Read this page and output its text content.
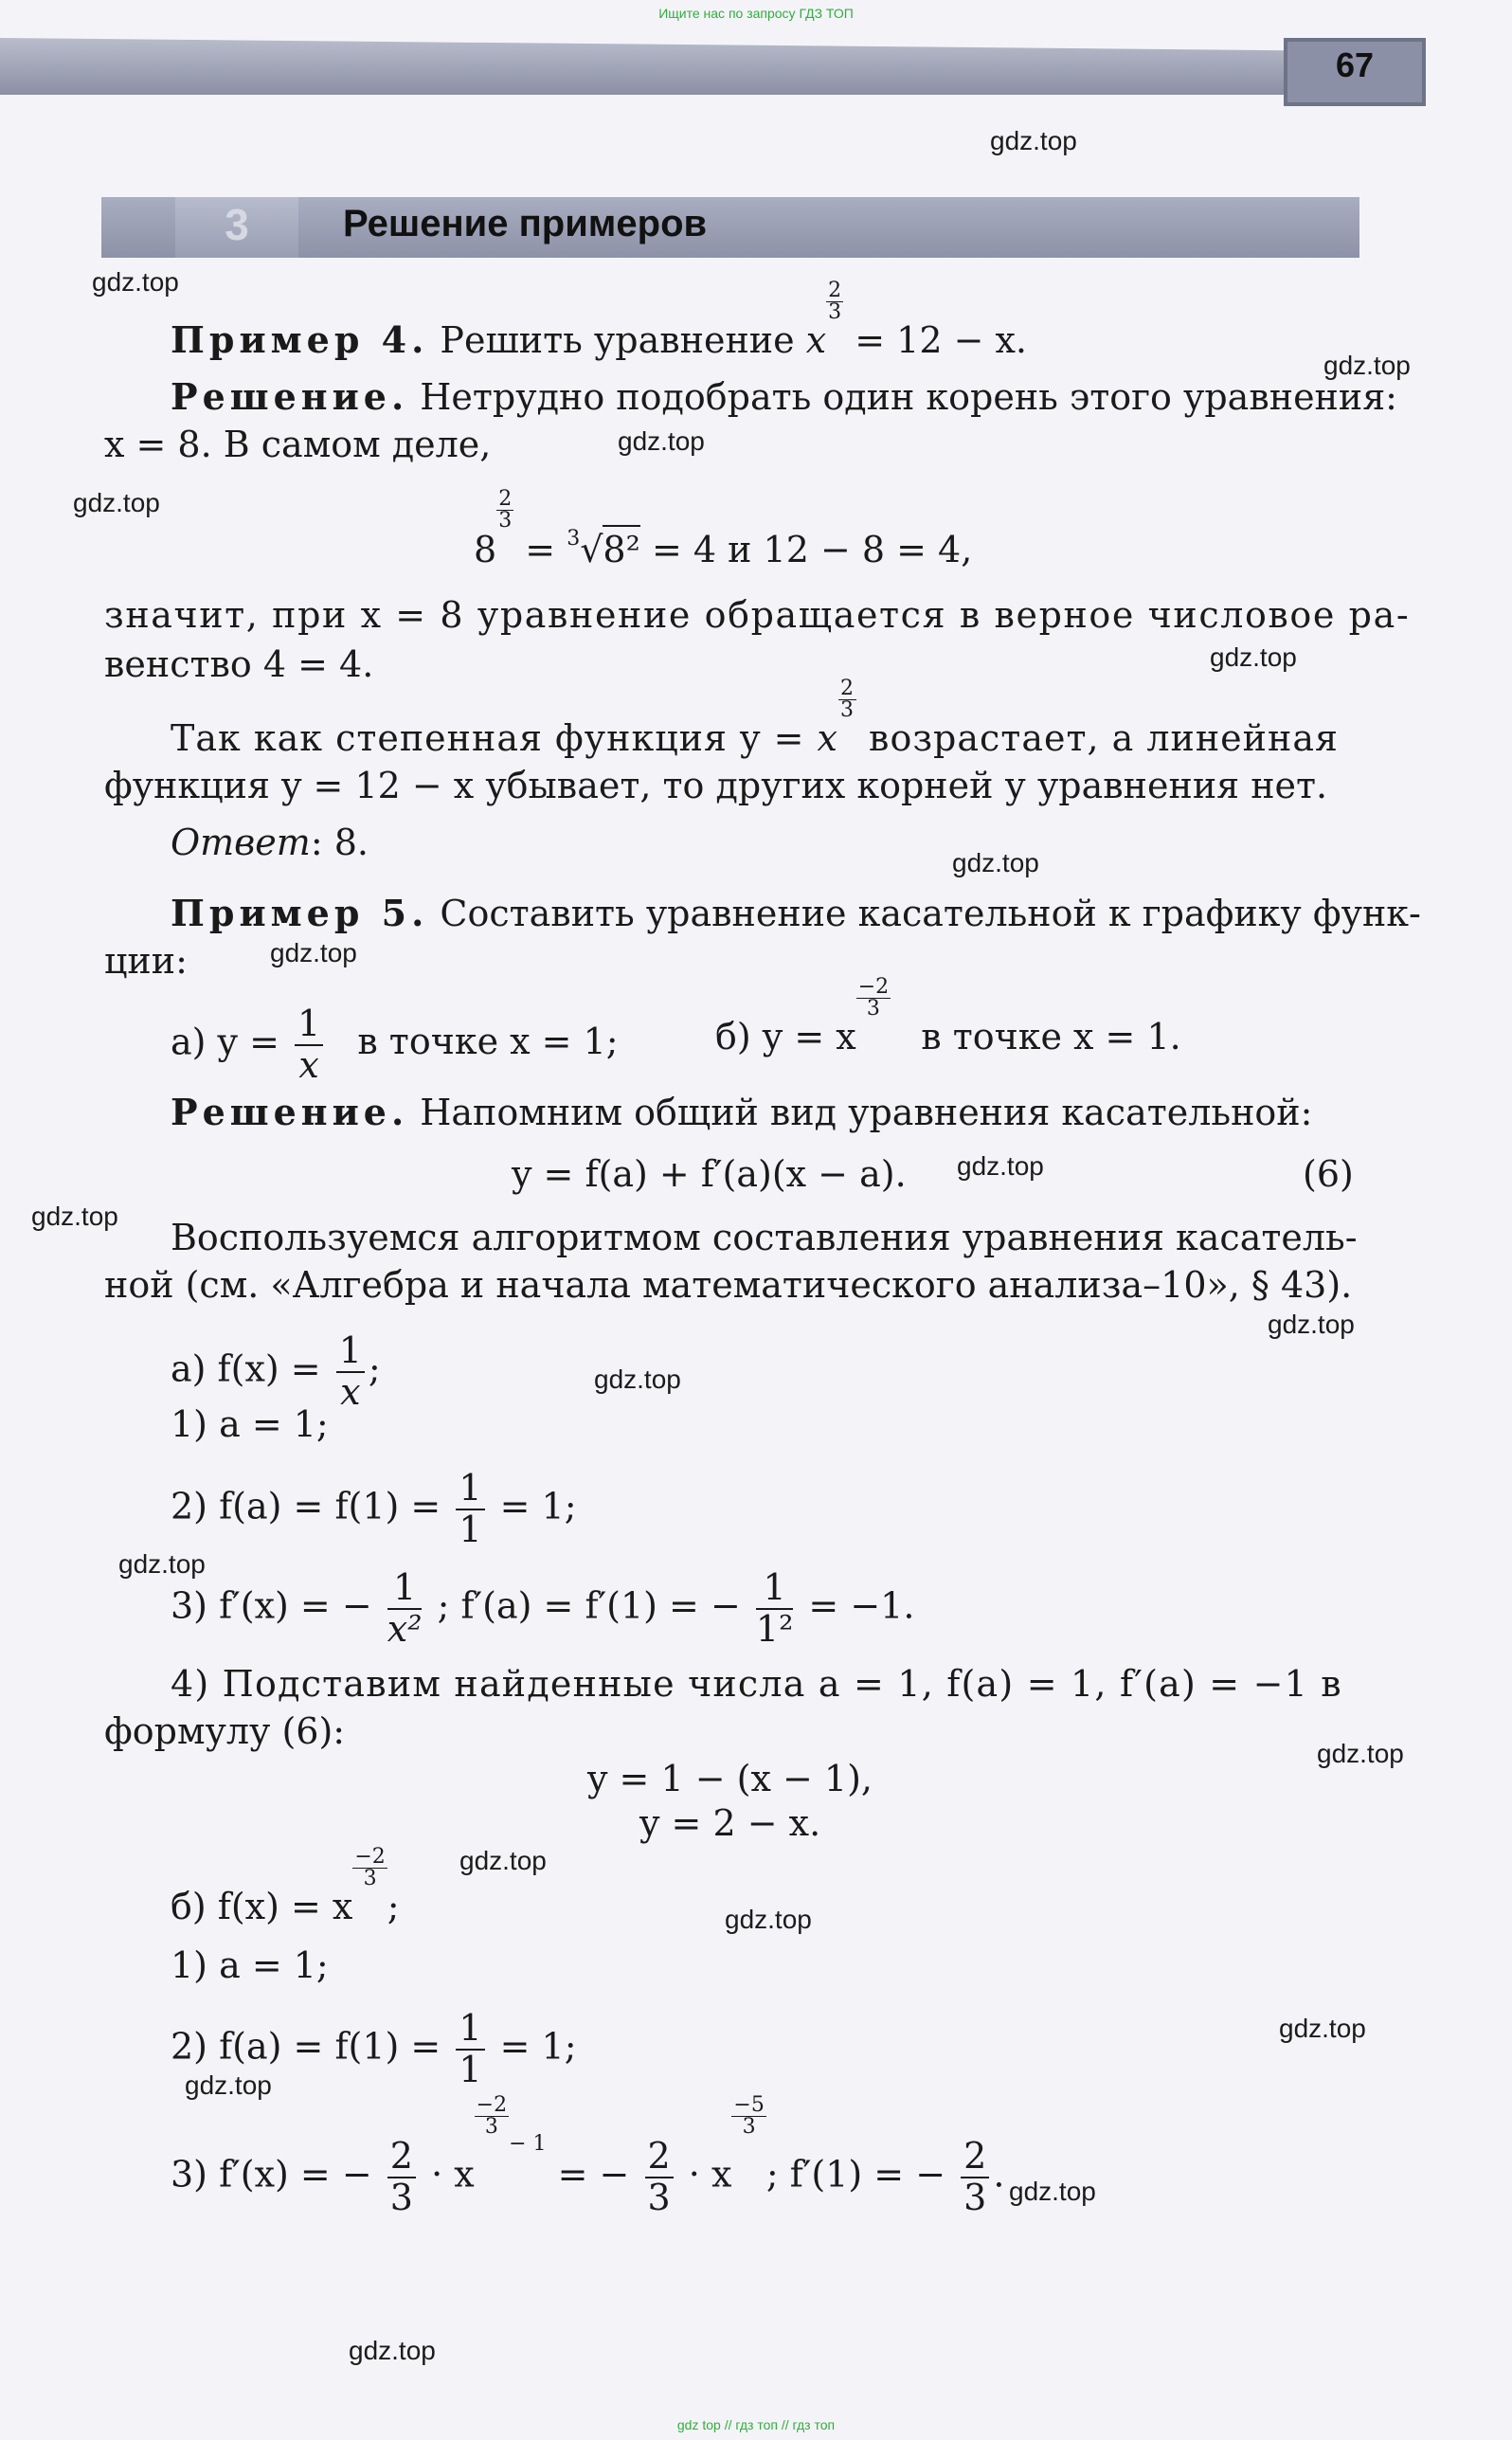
Ищите нас по запросу ГДЗ ТОП
67
3	Решение примеров
gdz.top
gdz.top
gdz.top
gdz.top
gdz.top
gdz.top
gdz.top
gdz.top
gdz.top
gdz.top
gdz.top
gdz.top
gdz.top
gdz.top
gdz.top
gdz.top
gdz.top
gdz.top
gdz.top
gdz.top
Пример 4. Решить уравнение x
$\frac{2}{3}$
= 12 − x.
Решение. Нетрудно подобрать один корень этого уравнения:
x = 8. В самом деле,
8
$\frac{2}{3}$
= $^3$√8² = 4 и 12 − 8 = 4,
значит, при x = 8 уравнение обращается в верное числовое ра-
венство 4 = 4.
Так как степенная функция y = x
$\frac{2}{3}$
возрастает, а линейная
функция y = 12 − x убывает, то других корней у уравнения нет.
Ответ: 8.
Пример 5. Составить уравнение касательной к графику функ-
ции:
а) $y = \frac{1}{x}$ в точке x = 1;	б) y = x
$\frac{-2}{3}$
в точке x = 1.
Решение. Напомним общий вид уравнения касательной:
y = f(a) + f′(a)(x − a).	(6)
Воспользуемся алгоритмом составления уравнения касатель-
ной (см. «Алгебра и начала математического анализа–10», § 43).
а) $f(x) = \frac{1}{x}$ ;
1) a = 1;
2) $f(a) = f(1) = \frac{1}{1} = 1$;
3) f′(x) = − $\frac{1}{\text{x²}}$ ; f′(a) = f′(1) = − $\frac{1}{\text{1²}} = -1$.
4) Подставим найденные числа a = 1, f(a) = 1, f′(a) = −1 в
формулу (6):
y = 1 − (x − 1),
y = 2 − x.
б) f(x) = x
$\frac{-2}{3}$
;
1) a = 1;
2) $f(a) = f(1) = \frac{1}{1} = 1$;
3) f′(x) = − $\frac{2}{3} \cdot x$
$\frac{-2}{3}$
$^{- 1}$ = − $\frac{2}{3} \cdot x$
$\frac{-5}{3}$
; f′(1) = − $\frac{2}{3}$ .
gdz top // гдз топ // гдз топ
